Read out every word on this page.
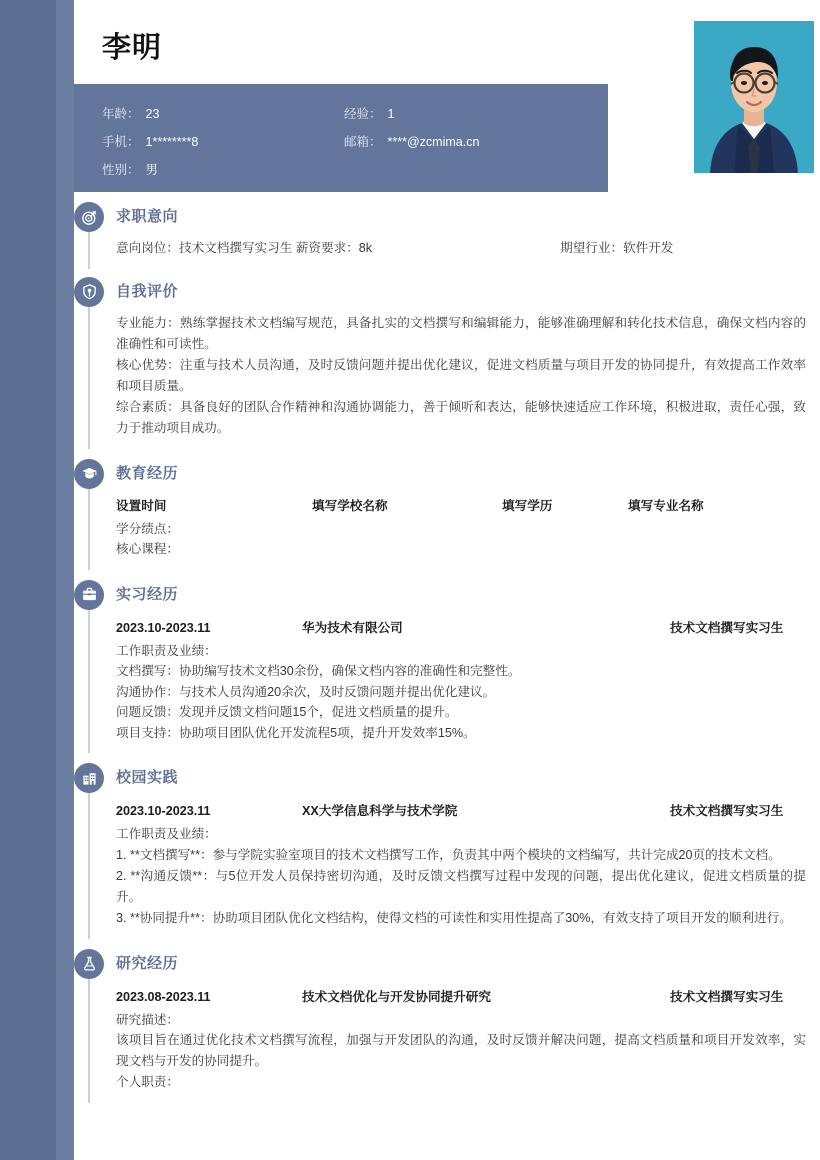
李明
年龄： 23	经验： 1
手机： 1********8	邮箱： ****@zcmima.cn
性别： 男
求职意向
意向岗位：技术文档撰写实习生 薪资要求：8k	期望行业：软件开发
自我评价
专业能力：熟练掌握技术文档编写规范，具备扎实的文档撰写和编辑能力，能够准确理解和转化技术信息，确保文档内容的准确性和可读性。
核心优势：注重与技术人员沟通，及时反馈问题并提出优化建议，促进文档质量与项目开发的协同提升，有效提高工作效率和项目质量。
综合素质：具备良好的团队合作精神和沟通协调能力，善于倾听和表达，能够快速适应工作环境，积极进取，责任心强，致力于推动项目成功。
教育经历
设置时间	填写学校名称	填写学历	填写专业名称
学分绩点：
核心课程：
实习经历
2023.10-2023.11	华为技术有限公司	技术文档撰写实习生
工作职责及业绩：
文档撰写：协助编写技术文档30余份，确保文档内容的准确性和完整性。
沟通协作：与技术人员沟通20余次，及时反馈问题并提出优化建议。
问题反馈：发现并反馈文档问题15个，促进文档质量的提升。
项目支持：协助项目团队优化开发流程5项，提升开发效率15%。
校园实践
2023.10-2023.11	XX大学信息科学与技术学院	技术文档撰写实习生
工作职责及业绩：
1. **文档撰写**：参与学院实验室项目的技术文档撰写工作，负责其中两个模块的文档编写，共计完成20页的技术文档。
2. **沟通反馈**：与5位开发人员保持密切沟通，及时反馈文档撰写过程中发现的问题，提出优化建议，促进文档质量的提升。
3. **协同提升**：协助项目团队优化文档结构，使得文档的可读性和实用性提高了30%，有效支持了项目开发的顺利进行。
研究经历
2023.08-2023.11	技术文档优化与开发协同提升研究	技术文档撰写实习生
研究描述：
该项目旨在通过优化技术文档撰写流程，加强与开发团队的沟通，及时反馈并解决问题，提高文档质量和项目开发效率，实现文档与开发的协同提升。
个人职责：
